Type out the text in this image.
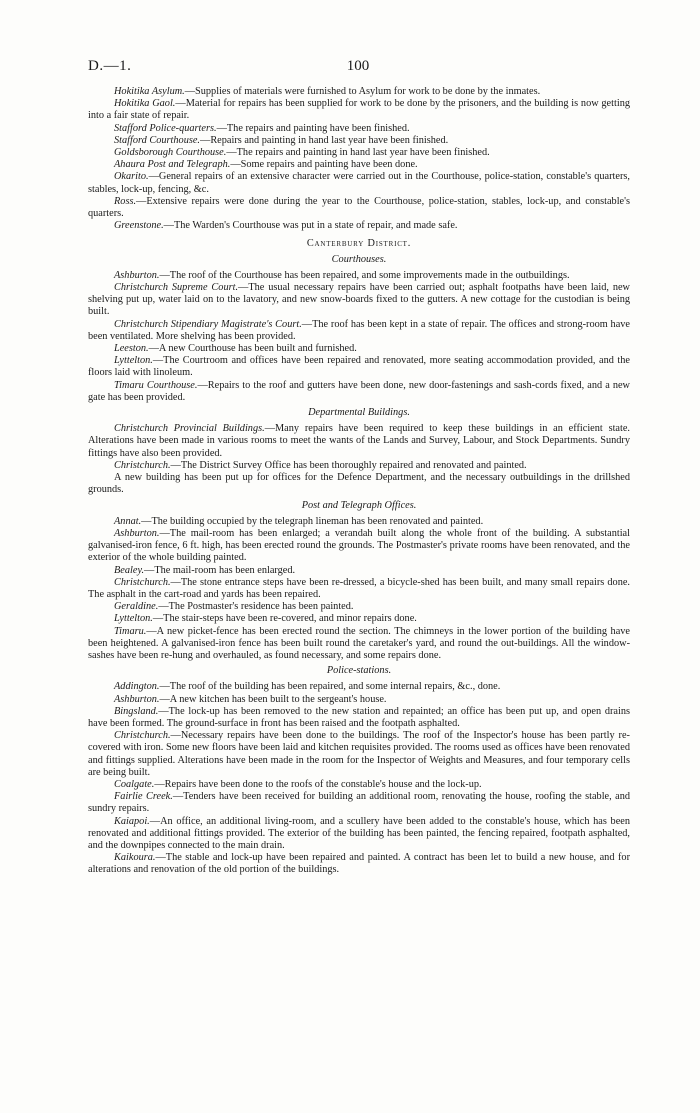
D.—1.	100

Hokitika Asylum.—Supplies of materials were furnished to Asylum for work to be done by the inmates.

Hokitika Gaol.—Material for repairs has been supplied for work to be done by the prisoners, and the building is now getting into a fair state of repair.

Stafford Police-quarters.—The repairs and painting have been finished.

Stafford Courthouse.—Repairs and painting in hand last year have been finished.

Goldsborough Courthouse.—The repairs and painting in hand last year have been finished.

Ahaura Post and Telegraph.—Some repairs and painting have been done.

Okarito.—General repairs of an extensive character were carried out in the Courthouse, police-station, constable's quarters, stables, lock-up, fencing, &c.

Ross.—Extensive repairs were done during the year to the Courthouse, police-station, stables, lock-up, and constable's quarters.

Greenstone.—The Warden's Courthouse was put in a state of repair, and made safe.

Canterbury District.
Courthouses.

Ashburton.—The roof of the Courthouse has been repaired, and some improvements made in the outbuildings.

Christchurch Supreme Court.—The usual necessary repairs have been carried out; asphalt footpaths have been laid, new shelving put up, water laid on to the lavatory, and new snow-boards fixed to the gutters. A new cottage for the custodian is being built.

Christchurch Stipendiary Magistrate's Court.—The roof has been kept in a state of repair. The offices and strong-room have been ventilated. More shelving has been provided.

Leeston.—A new Courthouse has been built and furnished.

Lyttelton.—The Courtroom and offices have been repaired and renovated, more seating accommodation provided, and the floors laid with linoleum.

Timaru Courthouse.—Repairs to the roof and gutters have been done, new door-fastenings and sash-cords fixed, and a new gate has been provided.

Departmental Buildings.

Christchurch Provincial Buildings.—Many repairs have been required to keep these buildings in an efficient state. Alterations have been made in various rooms to meet the wants of the Lands and Survey, Labour, and Stock Departments. Sundry fittings have also been provided.

Christchurch.—The District Survey Office has been thoroughly repaired and renovated and painted.

A new building has been put up for offices for the Defence Department, and the necessary outbuildings in the drillshed grounds.

Post and Telegraph Offices.

Annat.—The building occupied by the telegraph lineman has been renovated and painted.

Ashburton.—The mail-room has been enlarged; a verandah built along the whole front of the building. A substantial galvanised-iron fence, 6 ft. high, has been erected round the grounds. The Postmaster's private rooms have been renovated, and the exterior of the whole building painted.

Bealey.—The mail-room has been enlarged.

Christchurch.—The stone entrance steps have been re-dressed, a bicycle-shed has been built, and many small repairs done. The asphalt in the cart-road and yards has been repaired.

Geraldine.—The Postmaster's residence has been painted.

Lyttelton.—The stair-steps have been re-covered, and minor repairs done.

Timaru.—A new picket-fence has been erected round the section. The chimneys in the lower portion of the building have been heightened. A galvanised-iron fence has been built round the caretaker's yard, and round the out-buildings. All the window-sashes have been re-hung and overhauled, as found necessary, and some repairs done.

Police-stations.

Addington.—The roof of the building has been repaired, and some internal repairs, &c., done.

Ashburton.—A new kitchen has been built to the sergeant's house.

Bingsland.—The lock-up has been removed to the new station and repainted; an office has been put up, and open drains have been formed. The ground-surface in front has been raised and the footpath asphalted.

Christchurch.—Necessary repairs have been done to the buildings. The roof of the Inspector's house has been partly re-covered with iron. Some new floors have been laid and kitchen requisites provided. The rooms used as offices have been renovated and fittings supplied. Alterations have been made in the room for the Inspector of Weights and Measures, and four temporary cells are being built.

Coalgate.—Repairs have been done to the roofs of the constable's house and the lock-up.

Fairlie Creek.—Tenders have been received for building an additional room, renovating the house, roofing the stable, and sundry repairs.

Kaiapoi.—An office, an additional living-room, and a scullery have been added to the constable's house, which has been renovated and additional fittings provided. The exterior of the building has been painted, the fencing repaired, footpath asphalted, and the downpipes connected to the main drain.

Kaikoura.—The stable and lock-up have been repaired and painted. A contract has been let to build a new house, and for alterations and renovation of the old portion of the buildings.
